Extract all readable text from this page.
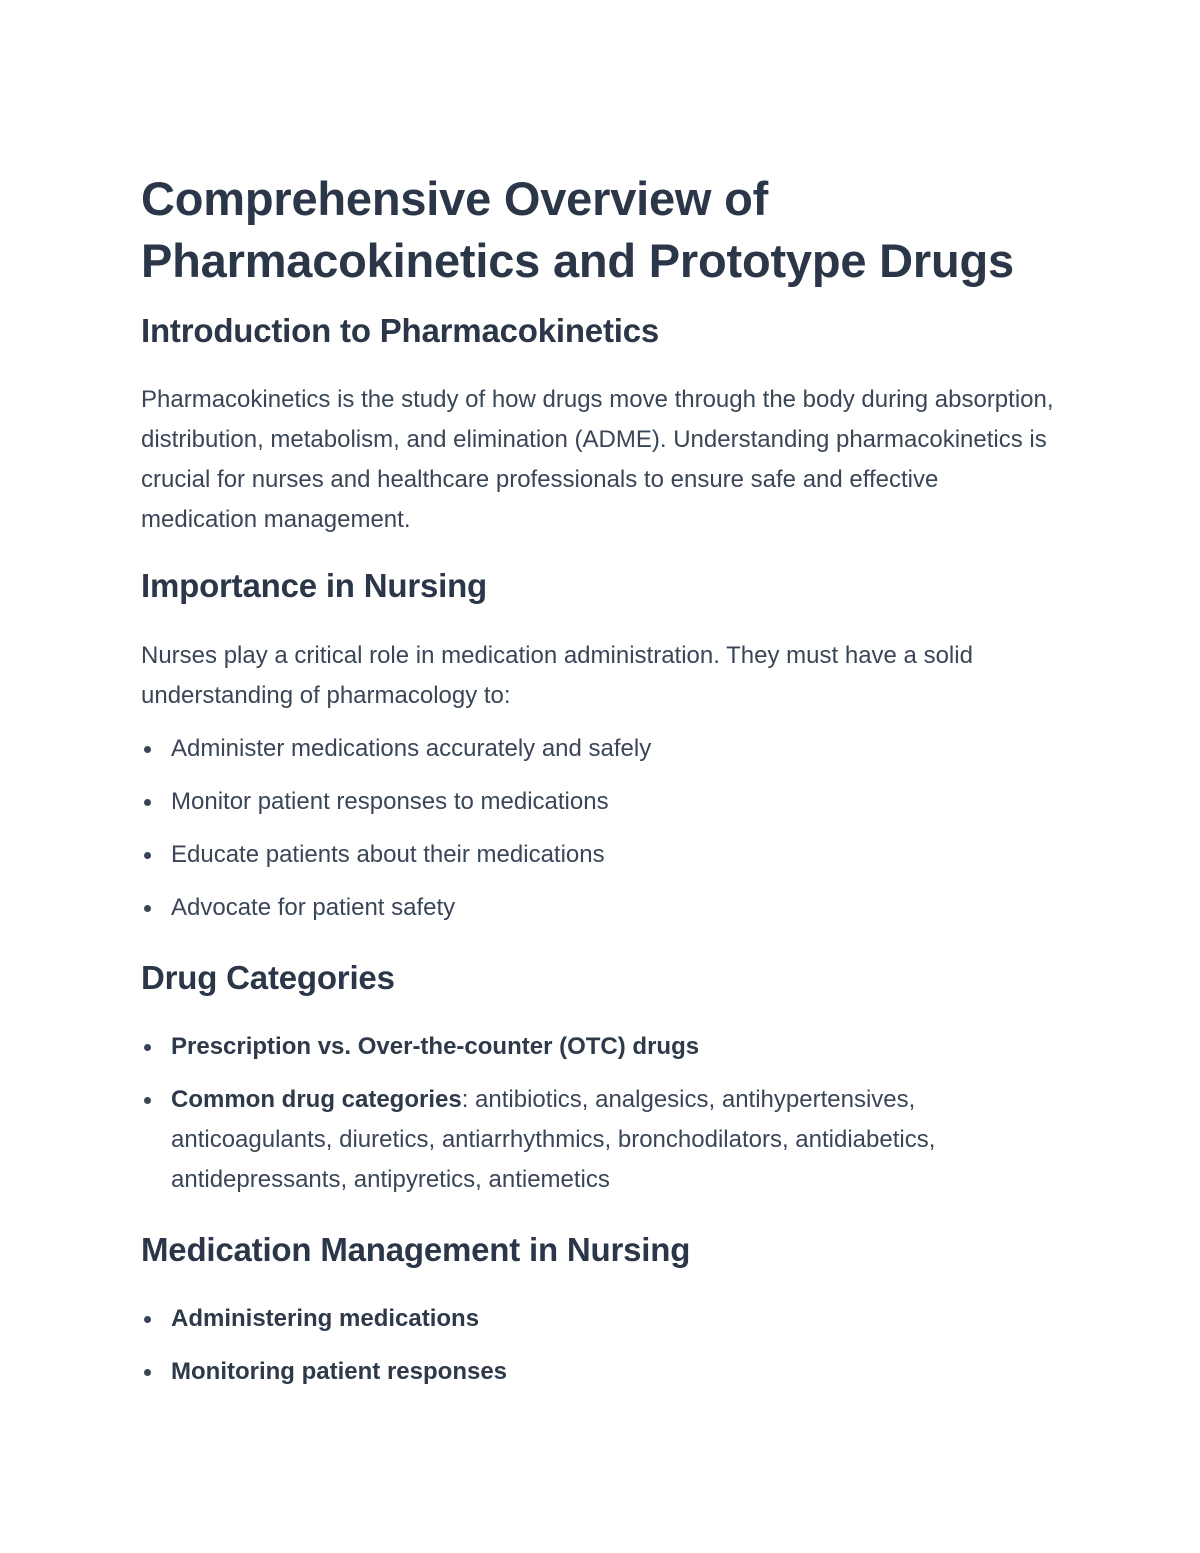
Comprehensive Overview of Pharmacokinetics and Prototype Drugs
Introduction to Pharmacokinetics

Pharmacokinetics is the study of how drugs move through the body during absorption, distribution, metabolism, and elimination (ADME). Understanding pharmacokinetics is crucial for nurses and healthcare professionals to ensure safe and effective medication management.

Importance in Nursing

Nurses play a critical role in medication administration. They must have a solid understanding of pharmacology to:

Administer medications accurately and safely
Monitor patient responses to medications
Educate patients about their medications
Advocate for patient safety
Drug Categories
Prescription vs. Over-the-counter (OTC) drugs
Common drug categories: antibiotics, analgesics, antihypertensives, anticoagulants, diuretics, antiarrhythmics, bronchodilators, antidiabetics, antidepressants, antipyretics, antiemetics
Medication Management in Nursing
Administering medications
Monitoring patient responses
